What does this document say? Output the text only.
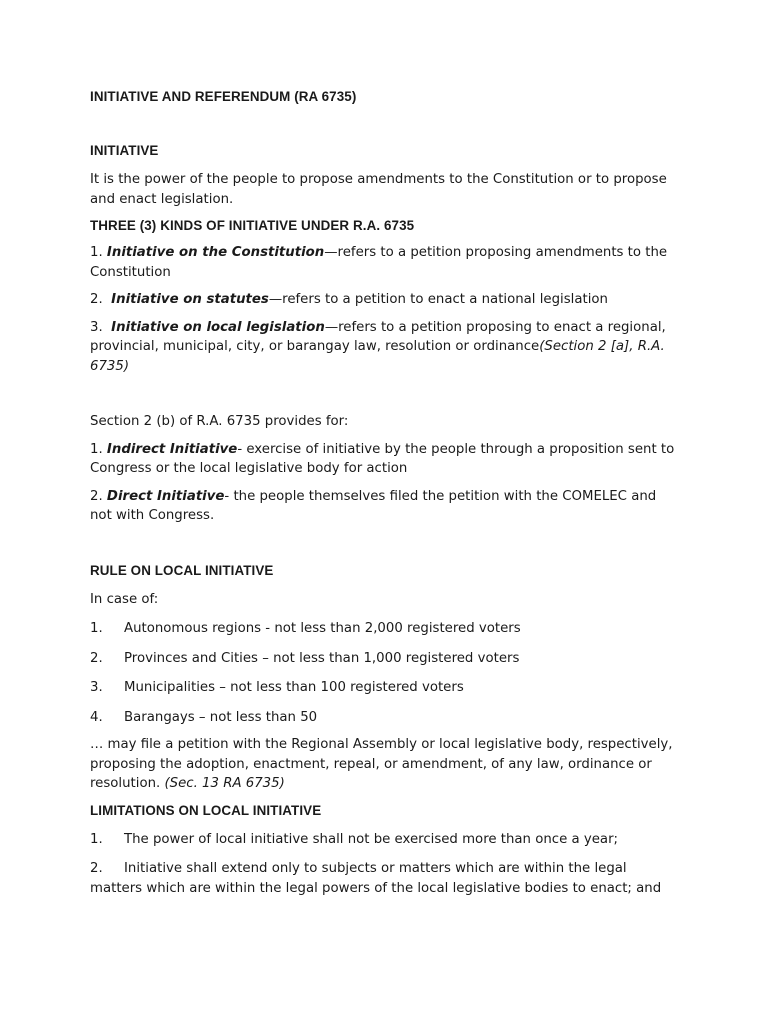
INITIATIVE AND REFERENDUM (RA 6735)
INITIATIVE

It is the power of the people to propose amendments to the Constitution or to propose and enact legislation.

THREE (3) KINDS OF INITIATIVE UNDER R.A. 6735

1. Initiative on the Constitution—refers to a petition proposing amendments to the Constitution

2. Initiative on statutes—refers to a petition to enact a national legislation

3. Initiative on local legislation—refers to a petition proposing to enact a regional, provincial, municipal, city, or barangay law, resolution or ordinance(Section 2 [a], R.A. 6735)

Section 2 (b) of R.A. 6735 provides for:

1. Indirect Initiative- exercise of initiative by the people through a proposition sent to Congress or the local legislative body for action

2. Direct Initiative- the people themselves filed the petition with the COMELEC and not with Congress.

RULE ON LOCAL INITIATIVE

In case of:

1.	Autonomous regions - not less than 2,000 registered voters
2.	Provinces and Cities – not less than 1,000 registered voters
3.	Municipalities – not less than 100 registered voters
4.	Barangays – not less than 50

… may file a petition with the Regional Assembly or local legislative body, respectively, proposing the adoption, enactment, repeal, or amendment, of any law, ordinance or resolution. (Sec. 13 RA 6735)

LIMITATIONS ON LOCAL INITIATIVE
1.	The power of local initiative shall not be exercised more than once a year;

2. Initiative shall extend only to subjects or matters which are within the legal matters which are within the legal powers of the local legislative bodies to enact; and
